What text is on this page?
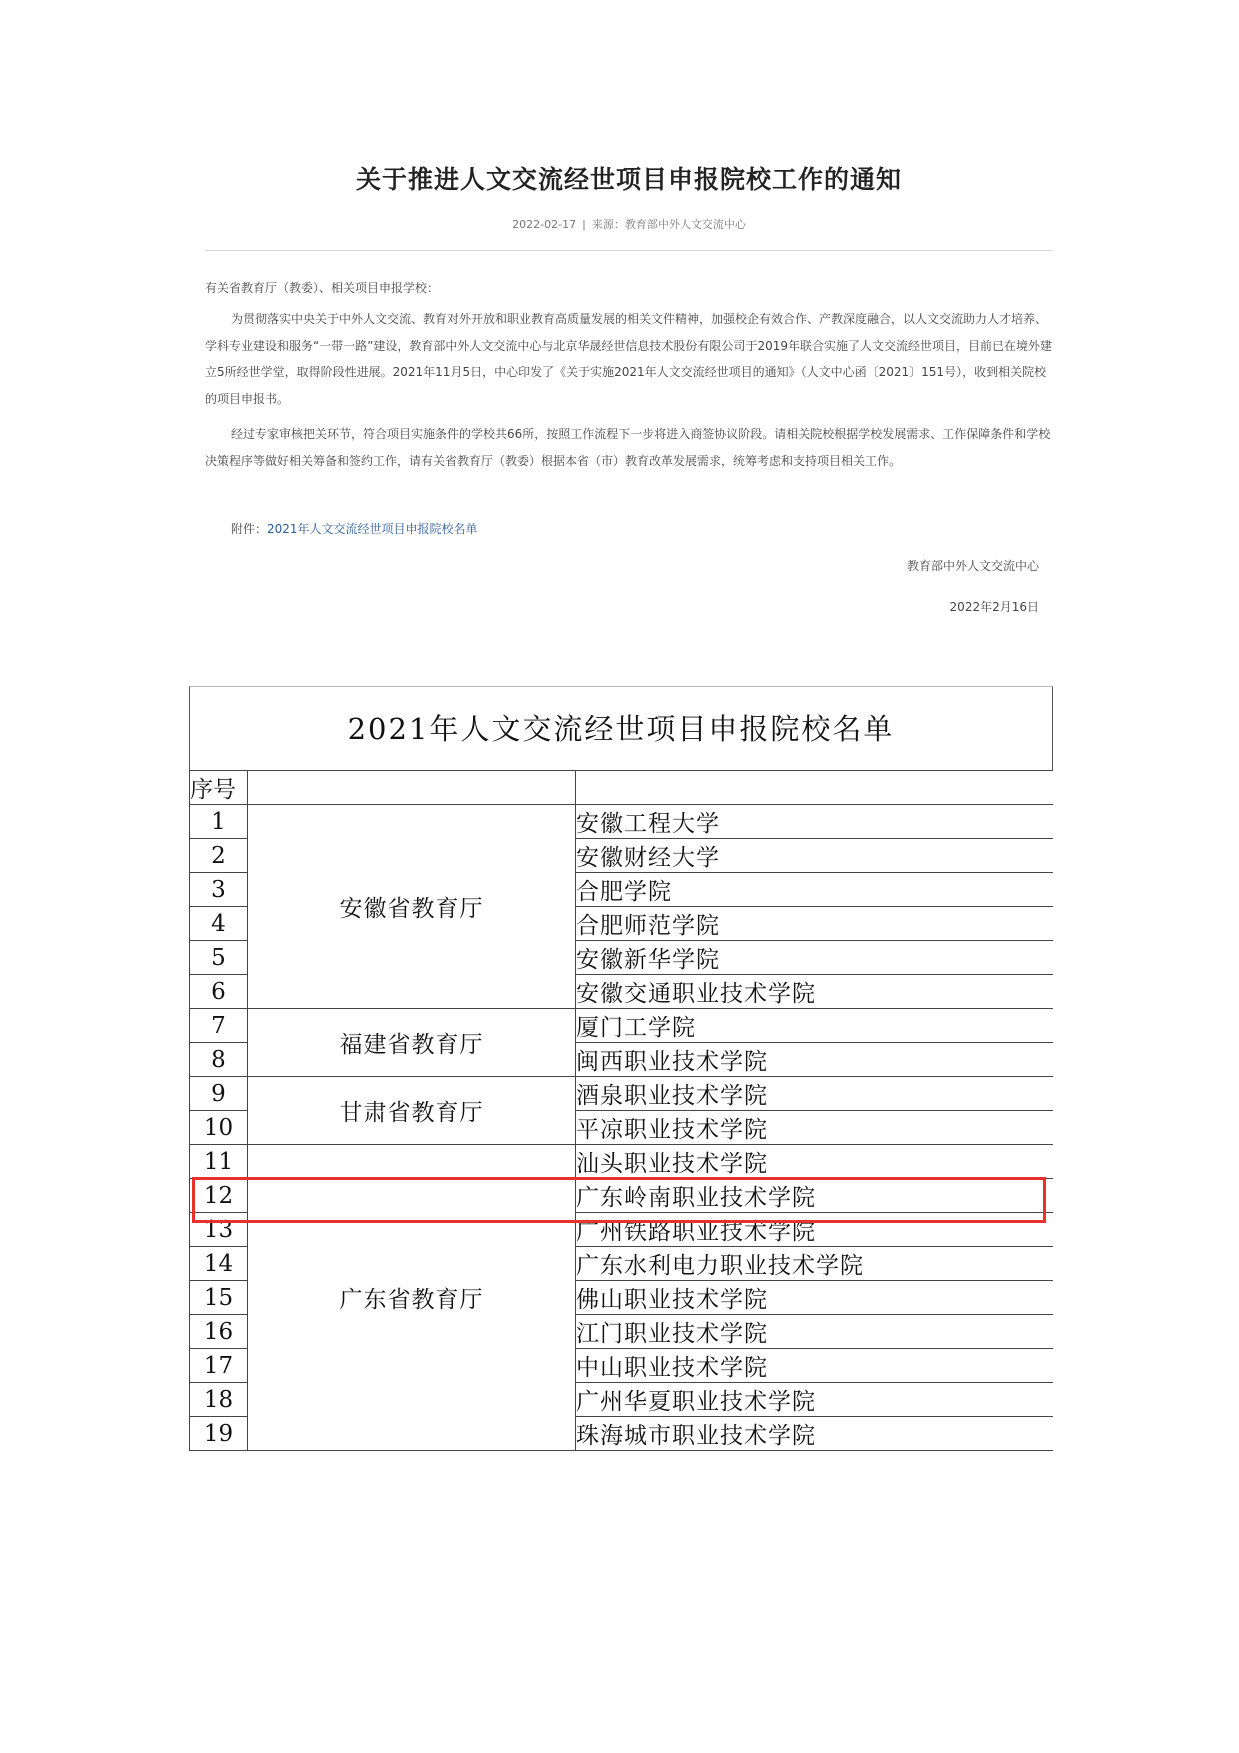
关于推进人文交流经世项目申报院校工作的通知
2022-02-17 | 来源：教育部中外人文交流中心
有关省教育厅（教委）、相关项目申报学校：
为贯彻落实中央关于中外人文交流、教育对外开放和职业教育高质量发展的相关文件精神，加强校企有效合作、产教深度融合，以人文交流助力人才培养、学科专业建设和服务“一带一路”建设，教育部中外人文交流中心与北京华晟经世信息技术股份有限公司于2019年联合实施了人文交流经世项目，目前已在境外建立5所经世学堂，取得阶段性进展。2021年11月5日，中心印发了《关于实施2021年人文交流经世项目的通知》（人文中心函〔2021〕151号），收到相关院校的项目申报书。
经过专家审核把关环节，符合项目实施条件的学校共66所，按照工作流程下一步将进入商签协议阶段。请相关院校根据学校发展需求、工作保障条件和学校决策程序等做好相关筹备和签约工作，请有关省教育厅（教委）根据本省（市）教育改革发展需求，统筹考虑和支持项目相关工作。
附件：2021年人文交流经世项目申报院校名单
教育部中外人文交流中心
2022年2月16日
2021年人文交流经世项目申报院校名单
序号		
1	安徽省教育厅	安徽工程大学
2		安徽财经大学
3		合肥学院
4		合肥师范学院
5		安徽新华学院
6		安徽交通职业技术学院
7	福建省教育厅	厦门工学院
8		闽西职业技术学院
9	甘肃省教育厅	酒泉职业技术学院
10		平凉职业技术学院
11	广东省教育厅	汕头职业技术学院
12		广东岭南职业技术学院
13		广州铁路职业技术学院
14		广东水利电力职业技术学院
15		佛山职业技术学院
16		江门职业技术学院
17		中山职业技术学院
18		广州华夏职业技术学院
19		珠海城市职业技术学院
